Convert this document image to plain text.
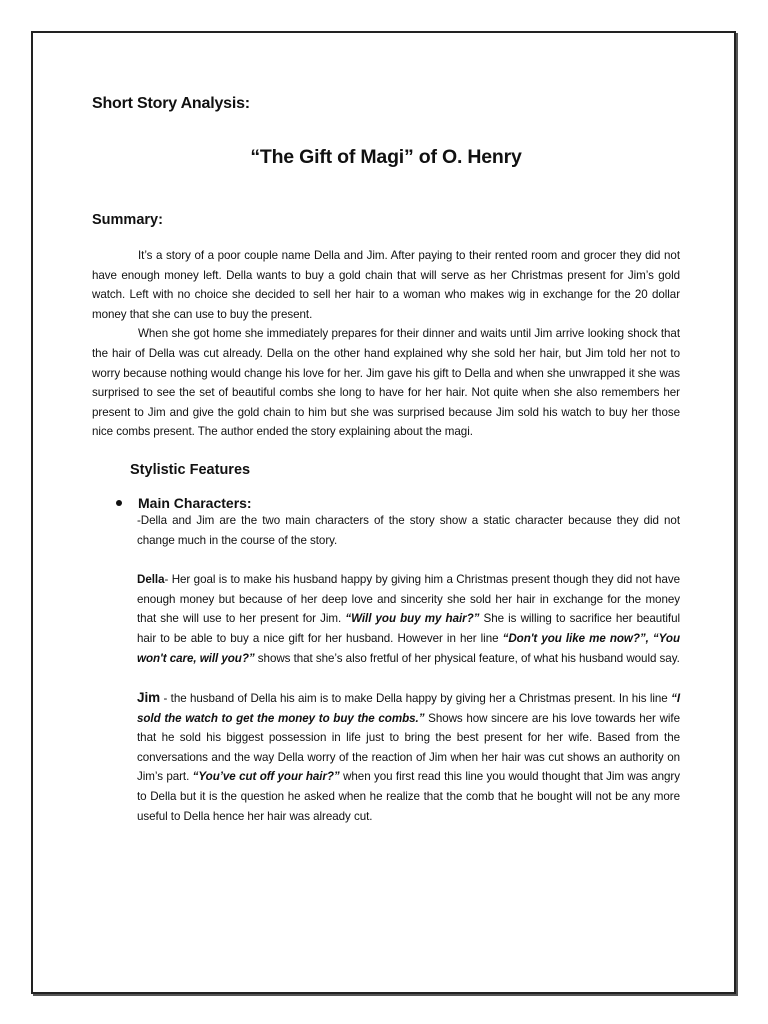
Short Story Analysis:
“The Gift of Magi” of O. Henry
Summary:

It’s a story of a poor couple name Della and Jim. After paying to their rented room and grocer they did not have enough money left. Della wants to buy a gold chain that will serve as her Christmas present for Jim’s gold watch. Left with no choice she decided to sell her hair to a woman who makes wig in exchange for the 20 dollar money that she can use to buy the present.

When she got home she immediately prepares for their dinner and waits until Jim arrive looking shock that the hair of Della was cut already. Della on the other hand explained why she sold her hair, but Jim told her not to worry because nothing would change his love for her. Jim gave his gift to Della and when she unwrapped it she was surprised to see the set of beautiful combs she long to have for her hair. Not quite when she also remembers her present to Jim and give the gold chain to him but she was surprised because Jim sold his watch to buy her those nice combs present. The author ended the story explaining about the magi.

Stylistic Features
Main Characters:

-Della and Jim are the two main characters of the story show a static character because they did not change much in the course of the story.

Della- Her goal is to make his husband happy by giving him a Christmas present though they did not have enough money but because of her deep love and sincerity she sold her hair in exchange for the money that she will use to her present for Jim. “Will you buy my hair?” She is willing to sacrifice her beautiful hair to be able to buy a nice gift for her husband. However in her line “Don't you like me now?”, “You won't care, will you?” shows that she’s also fretful of her physical feature, of what his husband would say.

Jim - the husband of Della his aim is to make Della happy by giving her a Christmas present. In his line “I sold the watch to get the money to buy the combs.” Shows how sincere are his love towards her wife that he sold his biggest possession in life just to bring the best present for her wife. Based from the conversations and the way Della worry of the reaction of Jim when her hair was cut shows an authority on Jim’s part. “You’ve cut off your hair?” when you first read this line you would thought that Jim was angry to Della but it is the question he asked when he realize that the comb that he bought will not be any more useful to Della hence her hair was already cut.
